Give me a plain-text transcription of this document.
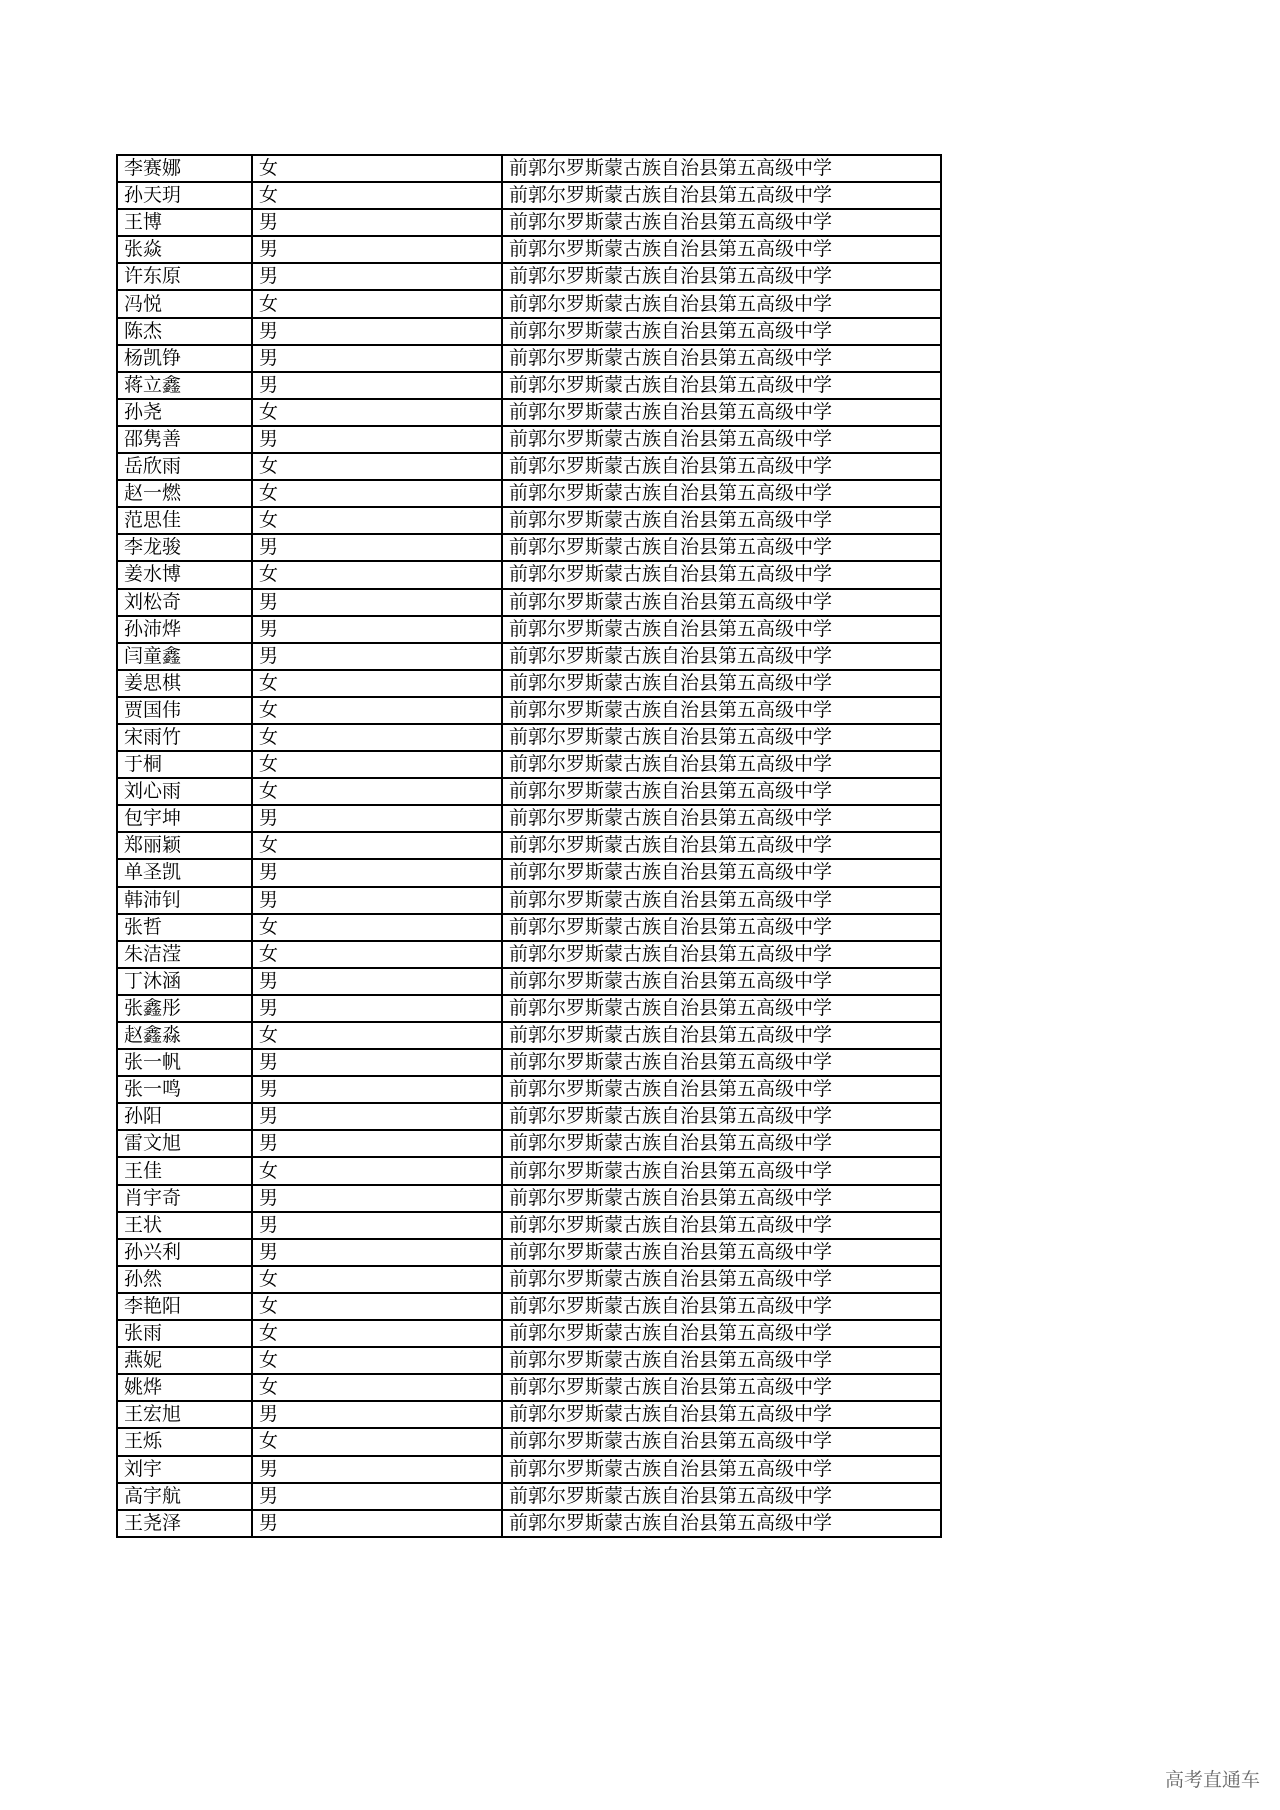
李赛娜	女	前郭尔罗斯蒙古族自治县第五高级中学
孙天玥	女	前郭尔罗斯蒙古族自治县第五高级中学
王博	男	前郭尔罗斯蒙古族自治县第五高级中学
张焱	男	前郭尔罗斯蒙古族自治县第五高级中学
许东原	男	前郭尔罗斯蒙古族自治县第五高级中学
冯悦	女	前郭尔罗斯蒙古族自治县第五高级中学
陈杰	男	前郭尔罗斯蒙古族自治县第五高级中学
杨凯铮	男	前郭尔罗斯蒙古族自治县第五高级中学
蒋立鑫	男	前郭尔罗斯蒙古族自治县第五高级中学
孙尧	女	前郭尔罗斯蒙古族自治县第五高级中学
邵隽善	男	前郭尔罗斯蒙古族自治县第五高级中学
岳欣雨	女	前郭尔罗斯蒙古族自治县第五高级中学
赵一燃	女	前郭尔罗斯蒙古族自治县第五高级中学
范思佳	女	前郭尔罗斯蒙古族自治县第五高级中学
李龙骏	男	前郭尔罗斯蒙古族自治县第五高级中学
姜水博	女	前郭尔罗斯蒙古族自治县第五高级中学
刘松奇	男	前郭尔罗斯蒙古族自治县第五高级中学
孙沛烨	男	前郭尔罗斯蒙古族自治县第五高级中学
闫童鑫	男	前郭尔罗斯蒙古族自治县第五高级中学
姜思棋	女	前郭尔罗斯蒙古族自治县第五高级中学
贾国伟	女	前郭尔罗斯蒙古族自治县第五高级中学
宋雨竹	女	前郭尔罗斯蒙古族自治县第五高级中学
于桐	女	前郭尔罗斯蒙古族自治县第五高级中学
刘心雨	女	前郭尔罗斯蒙古族自治县第五高级中学
包宇坤	男	前郭尔罗斯蒙古族自治县第五高级中学
郑丽颖	女	前郭尔罗斯蒙古族自治县第五高级中学
单圣凯	男	前郭尔罗斯蒙古族自治县第五高级中学
韩沛钊	男	前郭尔罗斯蒙古族自治县第五高级中学
张哲	女	前郭尔罗斯蒙古族自治县第五高级中学
朱洁滢	女	前郭尔罗斯蒙古族自治县第五高级中学
丁沐涵	男	前郭尔罗斯蒙古族自治县第五高级中学
张鑫彤	男	前郭尔罗斯蒙古族自治县第五高级中学
赵鑫淼	女	前郭尔罗斯蒙古族自治县第五高级中学
张一帆	男	前郭尔罗斯蒙古族自治县第五高级中学
张一鸣	男	前郭尔罗斯蒙古族自治县第五高级中学
孙阳	男	前郭尔罗斯蒙古族自治县第五高级中学
雷文旭	男	前郭尔罗斯蒙古族自治县第五高级中学
王佳	女	前郭尔罗斯蒙古族自治县第五高级中学
肖宇奇	男	前郭尔罗斯蒙古族自治县第五高级中学
王状	男	前郭尔罗斯蒙古族自治县第五高级中学
孙兴利	男	前郭尔罗斯蒙古族自治县第五高级中学
孙然	女	前郭尔罗斯蒙古族自治县第五高级中学
李艳阳	女	前郭尔罗斯蒙古族自治县第五高级中学
张雨	女	前郭尔罗斯蒙古族自治县第五高级中学
燕妮	女	前郭尔罗斯蒙古族自治县第五高级中学
姚烨	女	前郭尔罗斯蒙古族自治县第五高级中学
王宏旭	男	前郭尔罗斯蒙古族自治县第五高级中学
王烁	女	前郭尔罗斯蒙古族自治县第五高级中学
刘宇	男	前郭尔罗斯蒙古族自治县第五高级中学
高宇航	男	前郭尔罗斯蒙古族自治县第五高级中学
王尧泽	男	前郭尔罗斯蒙古族自治县第五高级中学
高考直通车
